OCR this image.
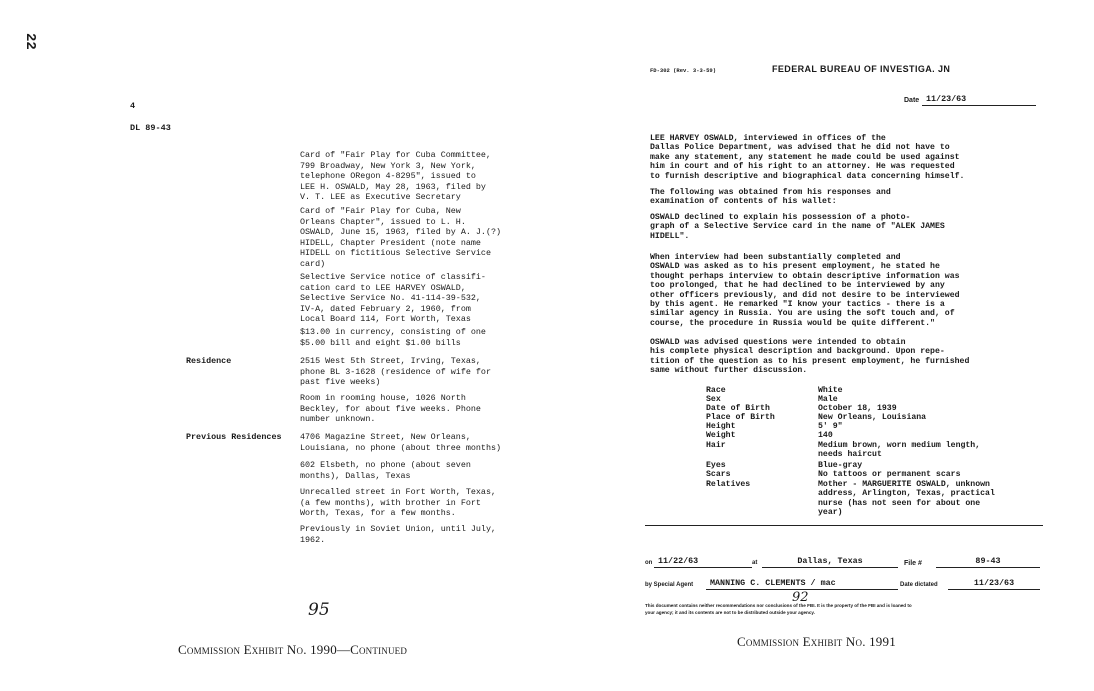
22
4
DL 89-43
Card of "Fair Play for Cuba Committee,
799 Broadway, New York 3, New York,
telephone ORegon 4-8295", issued to
LEE H. OSWALD, May 28, 1963, filed by
V. T. LEE as Executive Secretary
Card of "Fair Play for Cuba, New
Orleans Chapter", issued to L. H.
OSWALD, June 15, 1963, filed by A. J.(?)
HIDELL, Chapter President (note name
HIDELL on fictitious Selective Service
card)
Selective Service notice of classifi-
cation card to LEE HARVEY OSWALD,
Selective Service No. 41-114-39-532,
IV-A, dated February 2, 1960, from
Local Board 114, Fort Worth, Texas
$13.00 in currency, consisting of one
$5.00 bill and eight $1.00 bills
Residence	2515 West 5th Street, Irving, Texas,
phone BL 3-1628 (residence of wife for
past five weeks)
Room in rooming house, 1026 North
Beckley, for about five weeks. Phone
number unknown.
Previous Residences 4706 Magazine Street, New Orleans,
Louisiana, no phone (about three months)
602 Elsbeth, no phone (about seven
months), Dallas, Texas
Unrecalled street in Fort Worth, Texas,
(a few months), with brother in Fort
Worth, Texas, for a few months.
Previously in Soviet Union, until July,
1962.
95
Commission Exhibit No. 1990—Continued
FD-302 (Rev. 3-3-59)	FEDERAL BUREAU OF INVESTIGA. JN
Date 11/23/63
LEE HARVEY OSWALD, interviewed in offices of the
Dallas Police Department, was advised that he did not have to
make any statement, any statement he made could be used against
him in court and of his right to an attorney. He was requested
to furnish descriptive and biographical data concerning himself.
The following was obtained from his responses and
examination of contents of his wallet:
OSWALD declined to explain his possession of a photo-
graph of a Selective Service card in the name of "ALEK JAMES
HIDELL".
When interview had been substantially completed and
OSWALD was asked as to his present employment, he stated he
thought perhaps interview to obtain descriptive information was
too prolonged, that he had declined to be interviewed by any
other officers previously, and did not desire to be interviewed
by this agent. He remarked "I know your tactics - there is a
similar agency in Russia. You are using the soft touch and, of
course, the procedure in Russia would be quite different."
OSWALD was advised questions were intended to obtain
his complete physical description and background. Upon repe-
tition of the question as to his present employment, he furnished
same without further discussion.
Race	White
Sex	Male
Date of Birth	October 18, 1939
Place of Birth	New Orleans, Louisiana
Height	5' 9"
Weight	140
Hair	Medium brown, worn medium length,
needs haircut
Eyes	Blue-gray
Scars	No tattoos or permanent scars
Relatives	Mother - MARGUERITE OSWALD, unknown
address, Arlington, Texas, practical
nurse (has not seen for about one
year)
on 11/22/63	at	Dallas, Texas	File #	89-43
by Special Agent	MANNING C. CLEMENTS / mac	Date dictated	11/23/63
92
This document contains neither recommendations nor conclusions of the FBI. It is the property of the FBI and is loaned to
your agency; it and its contents are not to be distributed outside your agency.
Commission Exhibit No. 1991
